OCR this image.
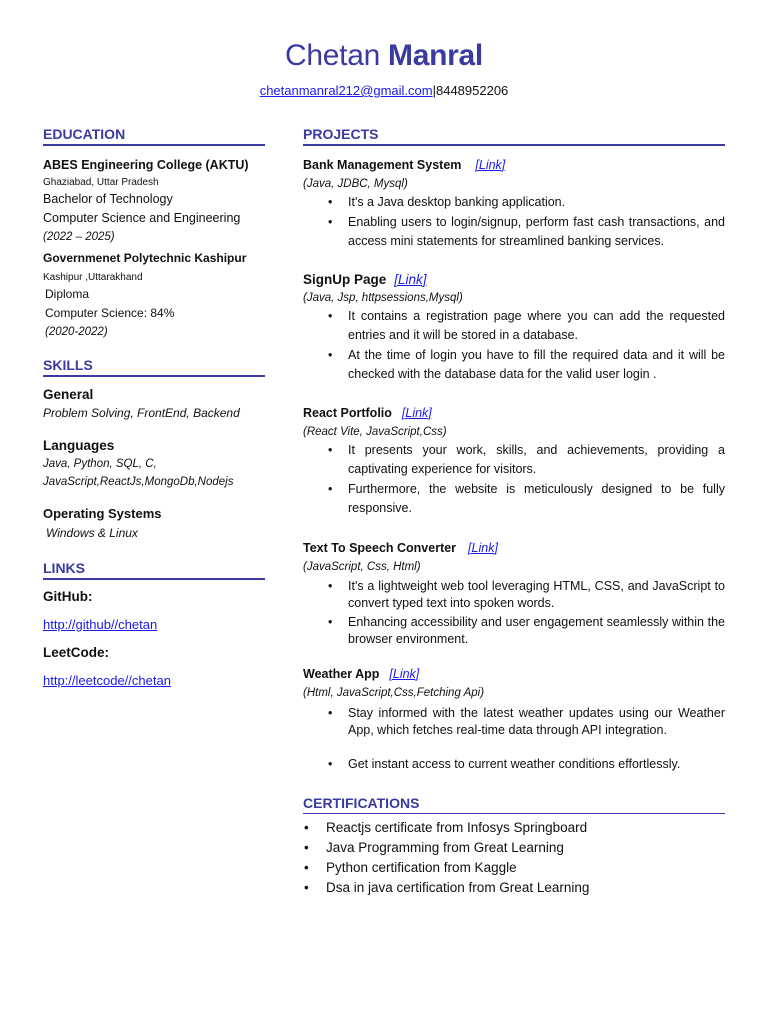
Chetan Manral
chetanmanral212@gmail.com|8448952206
EDUCATION

ABES Engineering College (AKTU)

Ghaziabad, Uttar Pradesh

Bachelor of Technology

Computer Science and Engineering

(2022 – 2025)

Governmenet Polytechnic Kashipur

Kashipur ,Uttarakhand

Diploma

Computer Science: 84%

(2020-2022)

SKILLS

General

Problem Solving, FrontEnd, Backend

Languages

Java, Python, SQL, C,

JavaScript,ReactJs,MongoDb,Nodejs

Operating Systems

Windows & Linux

LINKS

GitHub:

http://github//chetan

LeetCode:

http://leetcode//chetan

PROJECTS

Bank Management System [Link]

(Java, JDBC, Mysql)

• It's a Java desktop banking application.
• Enabling users to login/signup, perform fast cash transactions, and access mini statements for streamlined banking services.

SignUp Page [Link]

(Java, Jsp, httpsessions,Mysql)

• It contains a registration page where you can add the requested entries and it will be stored in a database.
• At the time of login you have to fill the required data and it will be checked with the database data for the valid user login .

React Portfolio [Link]

(React Vite, JavaScript,Css)

• It presents your work, skills, and achievements, providing a captivating experience for visitors.
• Furthermore, the website is meticulously designed to be fully responsive.

Text To Speech Converter [Link]

(JavaScript, Css, Html)

• It's a lightweight web tool leveraging HTML, CSS, and JavaScript to convert typed text into spoken words.
• Enhancing accessibility and user engagement seamlessly within the browser environment.

Weather App [Link]

(Html, JavaScript,Css,Fetching Api)

• Stay informed with the latest weather updates using our Weather App, which fetches real-time data through API integration.
• Get instant access to current weather conditions effortlessly.
CERTIFICATIONS
• Reactjs certificate from Infosys Springboard
• Java Programming from Great Learning
• Python certification from Kaggle
• Dsa in java certification from Great Learning
